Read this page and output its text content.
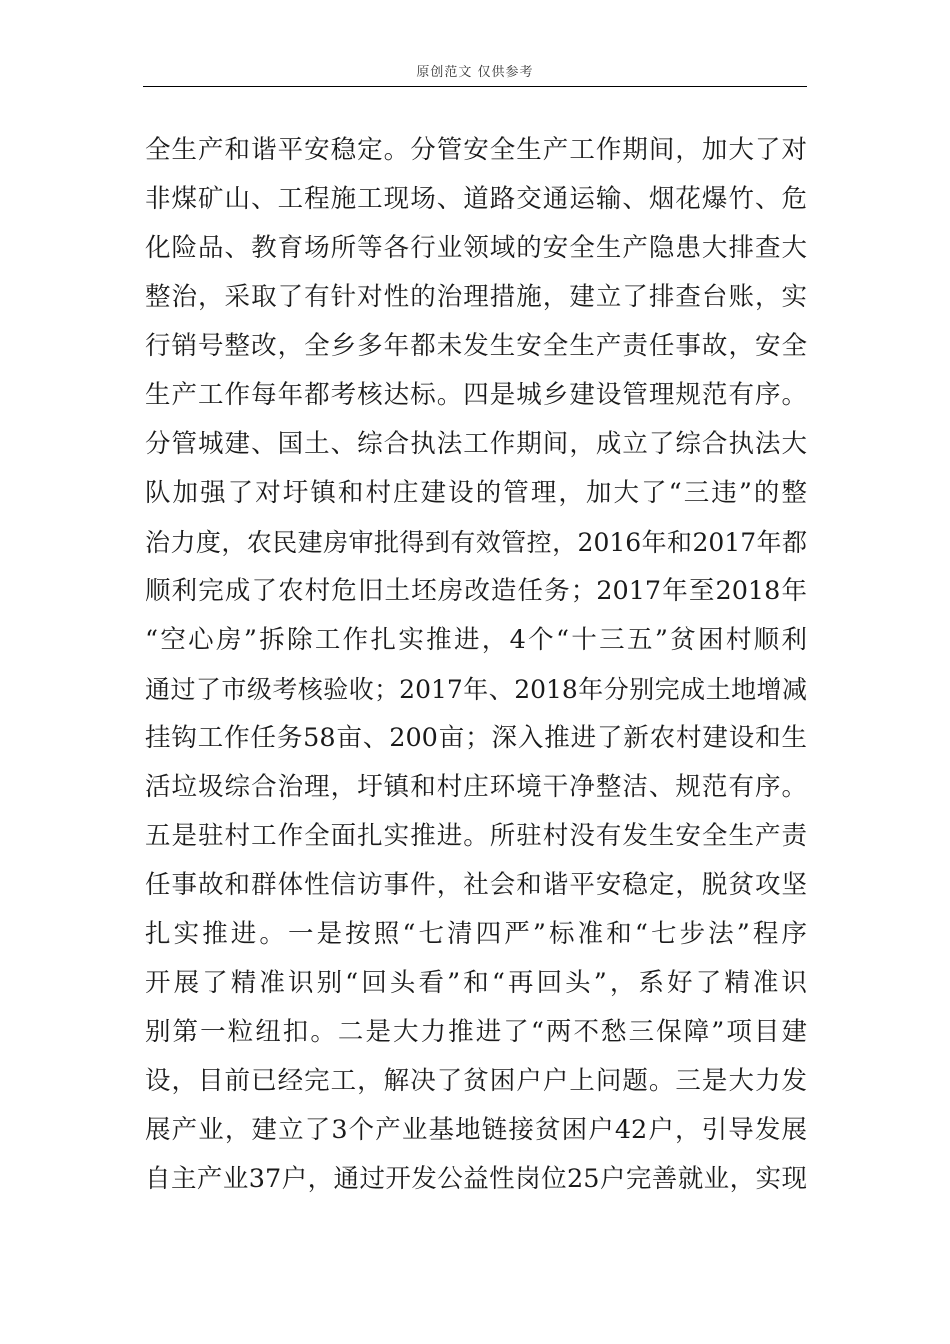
原创范文 仅供参考
全生产和谐平安稳定。分管安全生产工作期间，加大了对
非煤矿山、工程施工现场、道路交通运输、烟花爆竹、危
化险品、教育场所等各行业领域的安全生产隐患大排查大
整治，采取了有针对性的治理措施，建立了排查台账，实
行销号整改，全乡多年都未发生安全生产责任事故，安全
生产工作每年都考核达标。四是城乡建设管理规范有序。
分管城建、国土、综合执法工作期间，成立了综合执法大
队加强了对圩镇和村庄建设的管理，加大了“三违”的整
治力度，农民建房审批得到有效管控，2016年和2017年都
顺利完成了农村危旧土坯房改造任务；2017年至2018年
“空心房”拆除工作扎实推进，4个“十三五”贫困村顺利
通过了市级考核验收；2017年、2018年分别完成土地增减
挂钩工作任务58亩、200亩；深入推进了新农村建设和生
活垃圾综合治理，圩镇和村庄环境干净整洁、规范有序。
五是驻村工作全面扎实推进。所驻村没有发生安全生产责
任事故和群体性信访事件，社会和谐平安稳定，脱贫攻坚
扎实推进。一是按照“七清四严”标准和“七步法”程序
开展了精准识别“回头看”和“再回头”，系好了精准识
别第一粒纽扣。二是大力推进了“两不愁三保障”项目建
设，目前已经完工，解决了贫困户户上问题。三是大力发
展产业，建立了3个产业基地链接贫困户42户，引导发展
自主产业37户，通过开发公益性岗位25户完善就业，实现
